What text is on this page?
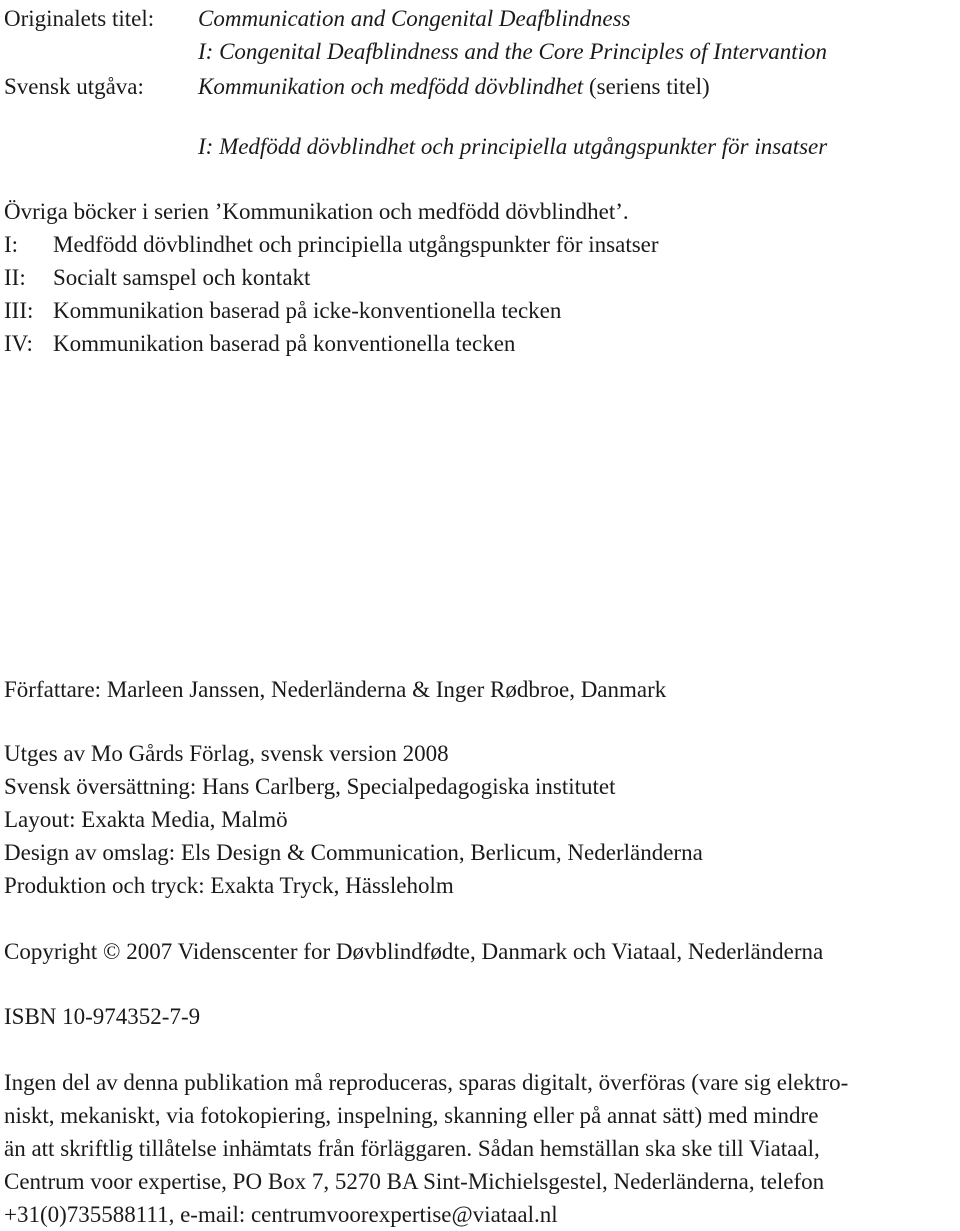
Originalets titel: Communication and Congenital Deafblindness
I: Congenital Deafblindness and the Core Principles of Intervantion
Svensk utgåva: Kommunikation och medfödd dövblindhet (seriens titel)
I: Medfödd dövblindhet och principiella utgångspunkter för insatser
Övriga böcker i serien ’Kommunikation och medfödd dövblindhet’.
I: Medfödd dövblindhet och principiella utgångspunkter för insatser
II: Socialt samspel och kontakt
III: Kommunikation baserad på icke-konventionella tecken
IV: Kommunikation baserad på konventionella tecken
Författare: Marleen Janssen, Nederländerna & Inger Rødbroe, Danmark
Utges av Mo Gårds Förlag, svensk version 2008
Svensk översättning: Hans Carlberg, Specialpedagogiska institutet
Layout: Exakta Media, Malmö
Design av omslag: Els Design & Communication, Berlicum, Nederländerna
Produktion och tryck: Exakta Tryck, Hässleholm
Copyright © 2007 Videnscenter for Døvblindfødte, Danmark och Viataal, Nederländerna
ISBN 10-974352-7-9
Ingen del av denna publikation må reproduceras, sparas digitalt, överföras (vare sig elektro-
niskt, mekaniskt, via fotokopiering, inspelning, skanning eller på annat sätt) med mindre
än att skriftlig tillåtelse inhämtats från förläggaren. Sådan hemställan ska ske till Viataal,
Centrum voor expertise, PO Box 7, 5270 BA Sint-Michielsgestel, Nederländerna, telefon
+31(0)735588111, e-mail: centrumvoorexpertise@viataal.nl
